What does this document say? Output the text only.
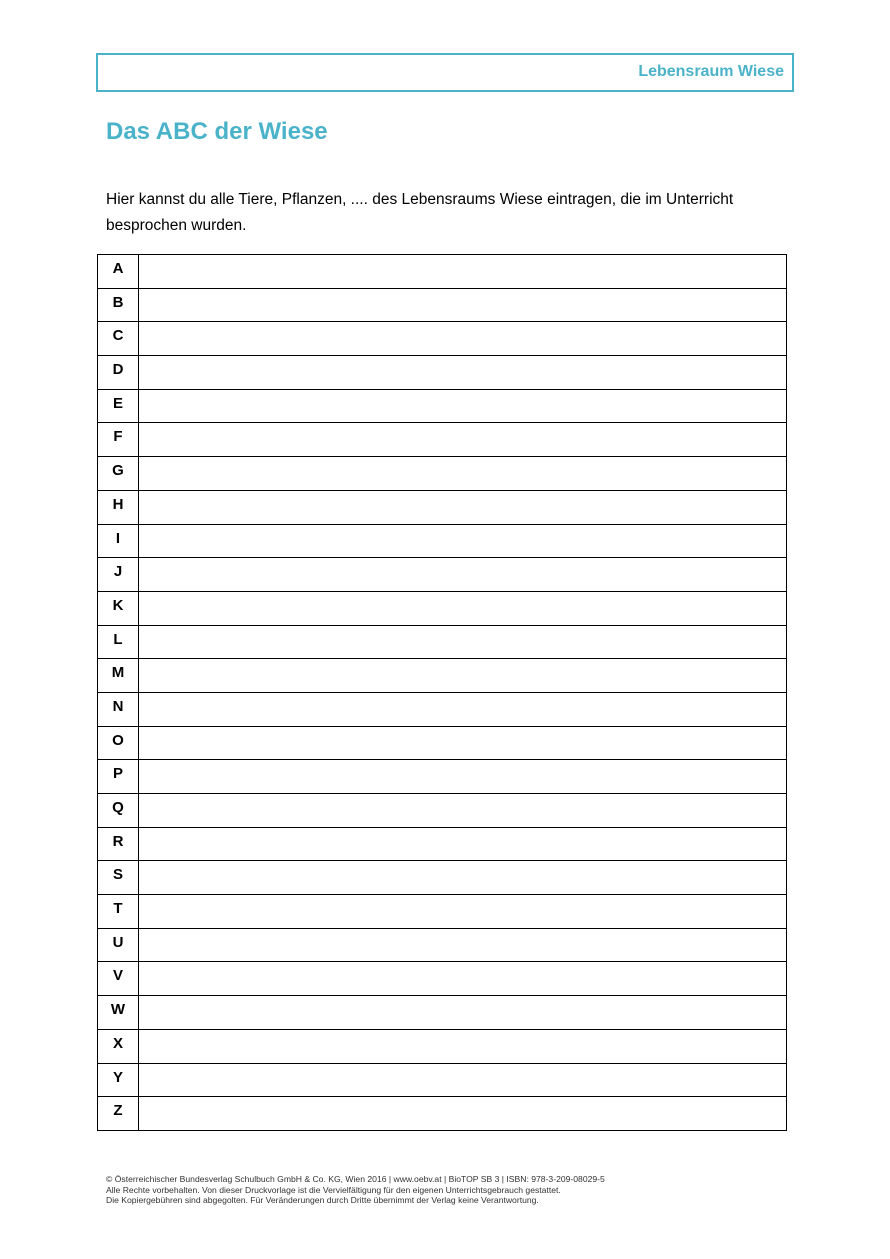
Lebensraum Wiese
Das ABC der Wiese

Hier kannst du alle Tiere, Pflanzen, .... des Lebensraums Wiese eintragen, die im Unterricht besprochen wurden.

A	
B	
C	
D	
E	
F	
G	
H	
I	
J	
K	
L	
M	
N	
O	
P	
Q	
R	
S	
T	
U	
V	
W	
X	
Y	
Z	
© Österreichischer Bundesverlag Schulbuch GmbH & Co. KG, Wien 2016 | www.oebv.at | BioTOP SB 3 | ISBN: 978-3-209-08029-5
Alle Rechte vorbehalten. Von dieser Druckvorlage ist die Vervielfältigung für den eigenen Unterrichtsgebrauch gestattet.
Die Kopiergebühren sind abgegolten. Für Veränderungen durch Dritte übernimmt der Verlag keine Verantwortung.
